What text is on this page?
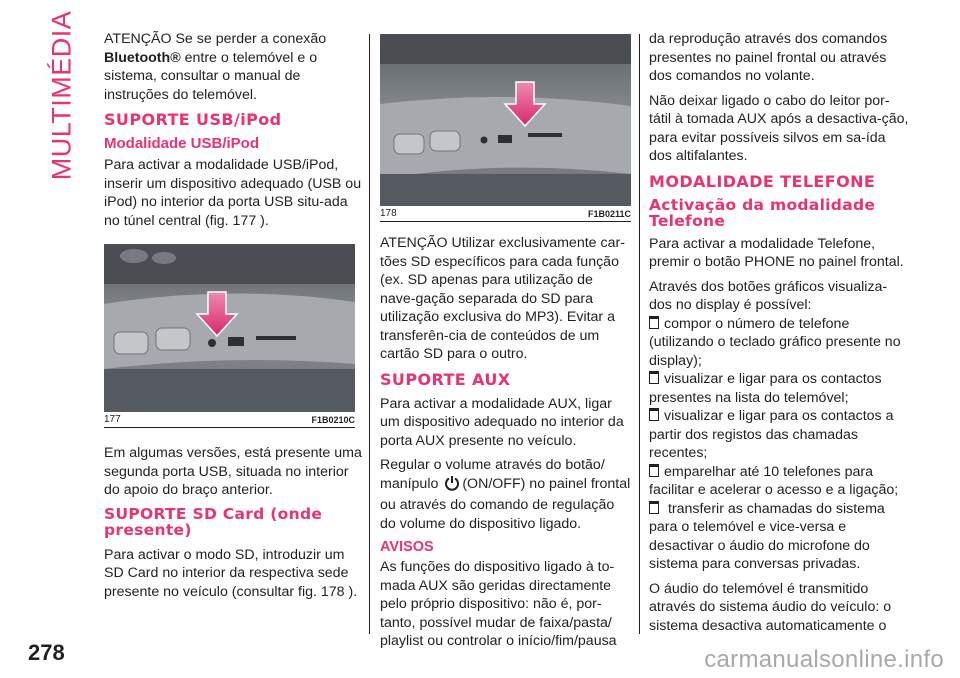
MULTIMÉDIA ATENÇÃO Se se perder a conexão
Bluetooth® entre o telemóvel e o sistema, consultar o manual de instruções do telemóvel.

SUPORTE USB/iPod
Modalidade USB/iPod

Para activar a modalidade USB/iPod, inserir um dispositivo adequado (USB ou iPod) no interior da porta USB situ-ada no túnel central (fig. 177 ).

177	F1B0210C

Em algumas versões, está presente uma segunda porta USB, situada no interior do apoio do braço anterior.

SUPORTE SD Card (onde presente)

Para activar o modo SD, introduzir um SD Card no interior da respectiva sede presente no veículo (consultar fig. 178 ).

178	F1B0211C

ATENÇÃO Utilizar exclusivamente car-tões SD específicos para cada função (ex. SD apenas para utilização de nave-gação separada do SD para utilização exclusiva do MP3). Evitar a transferên-cia de conteúdos de um cartão SD para o outro.

SUPORTE AUX

Para activar a modalidade AUX, ligar um dispositivo adequado no interior da porta AUX presente no veículo.

Regular o volume através do botão/ manípulo (ON/OFF) no painel frontal ou através do comando de regulação do volume do dispositivo ligado.

AVISOS

As funções do dispositivo ligado à to-mada AUX são geridas directamente pelo próprio dispositivo: não é, por-tanto, possível mudar de faixa/pasta/ playlist ou controlar o início/fim/pausa

da reprodução através dos comandos presentes no painel frontal ou através dos comandos no volante.

Não deixar ligado o cabo do leitor por-tátil à tomada AUX após a desactiva-ção, para evitar possíveis silvos em sa-ída dos altifalantes.

MODALIDADE TELEFONE
Activação da modalidade Telefone

Para activar a modalidade Telefone, premir o botão PHONE no painel frontal.

Através dos botões gráficos visualiza-dos no display é possível:

compor o número de telefone (utilizando o teclado gráfico presente no display);

visualizar e ligar para os contactos presentes na lista do telemóvel;

visualizar e ligar para os contactos a partir dos registos das chamadas recentes;

emparelhar até 10 telefones para facilitar e acelerar o acesso e a ligação;

transferir as chamadas do sistema para o telemóvel e vice-versa e desactivar o áudio do microfone do sistema para conversas privadas.

O áudio do telemóvel é transmitido através do sistema áudio do veículo: o sistema desactiva automaticamente o

278	carmanualsonline.info
